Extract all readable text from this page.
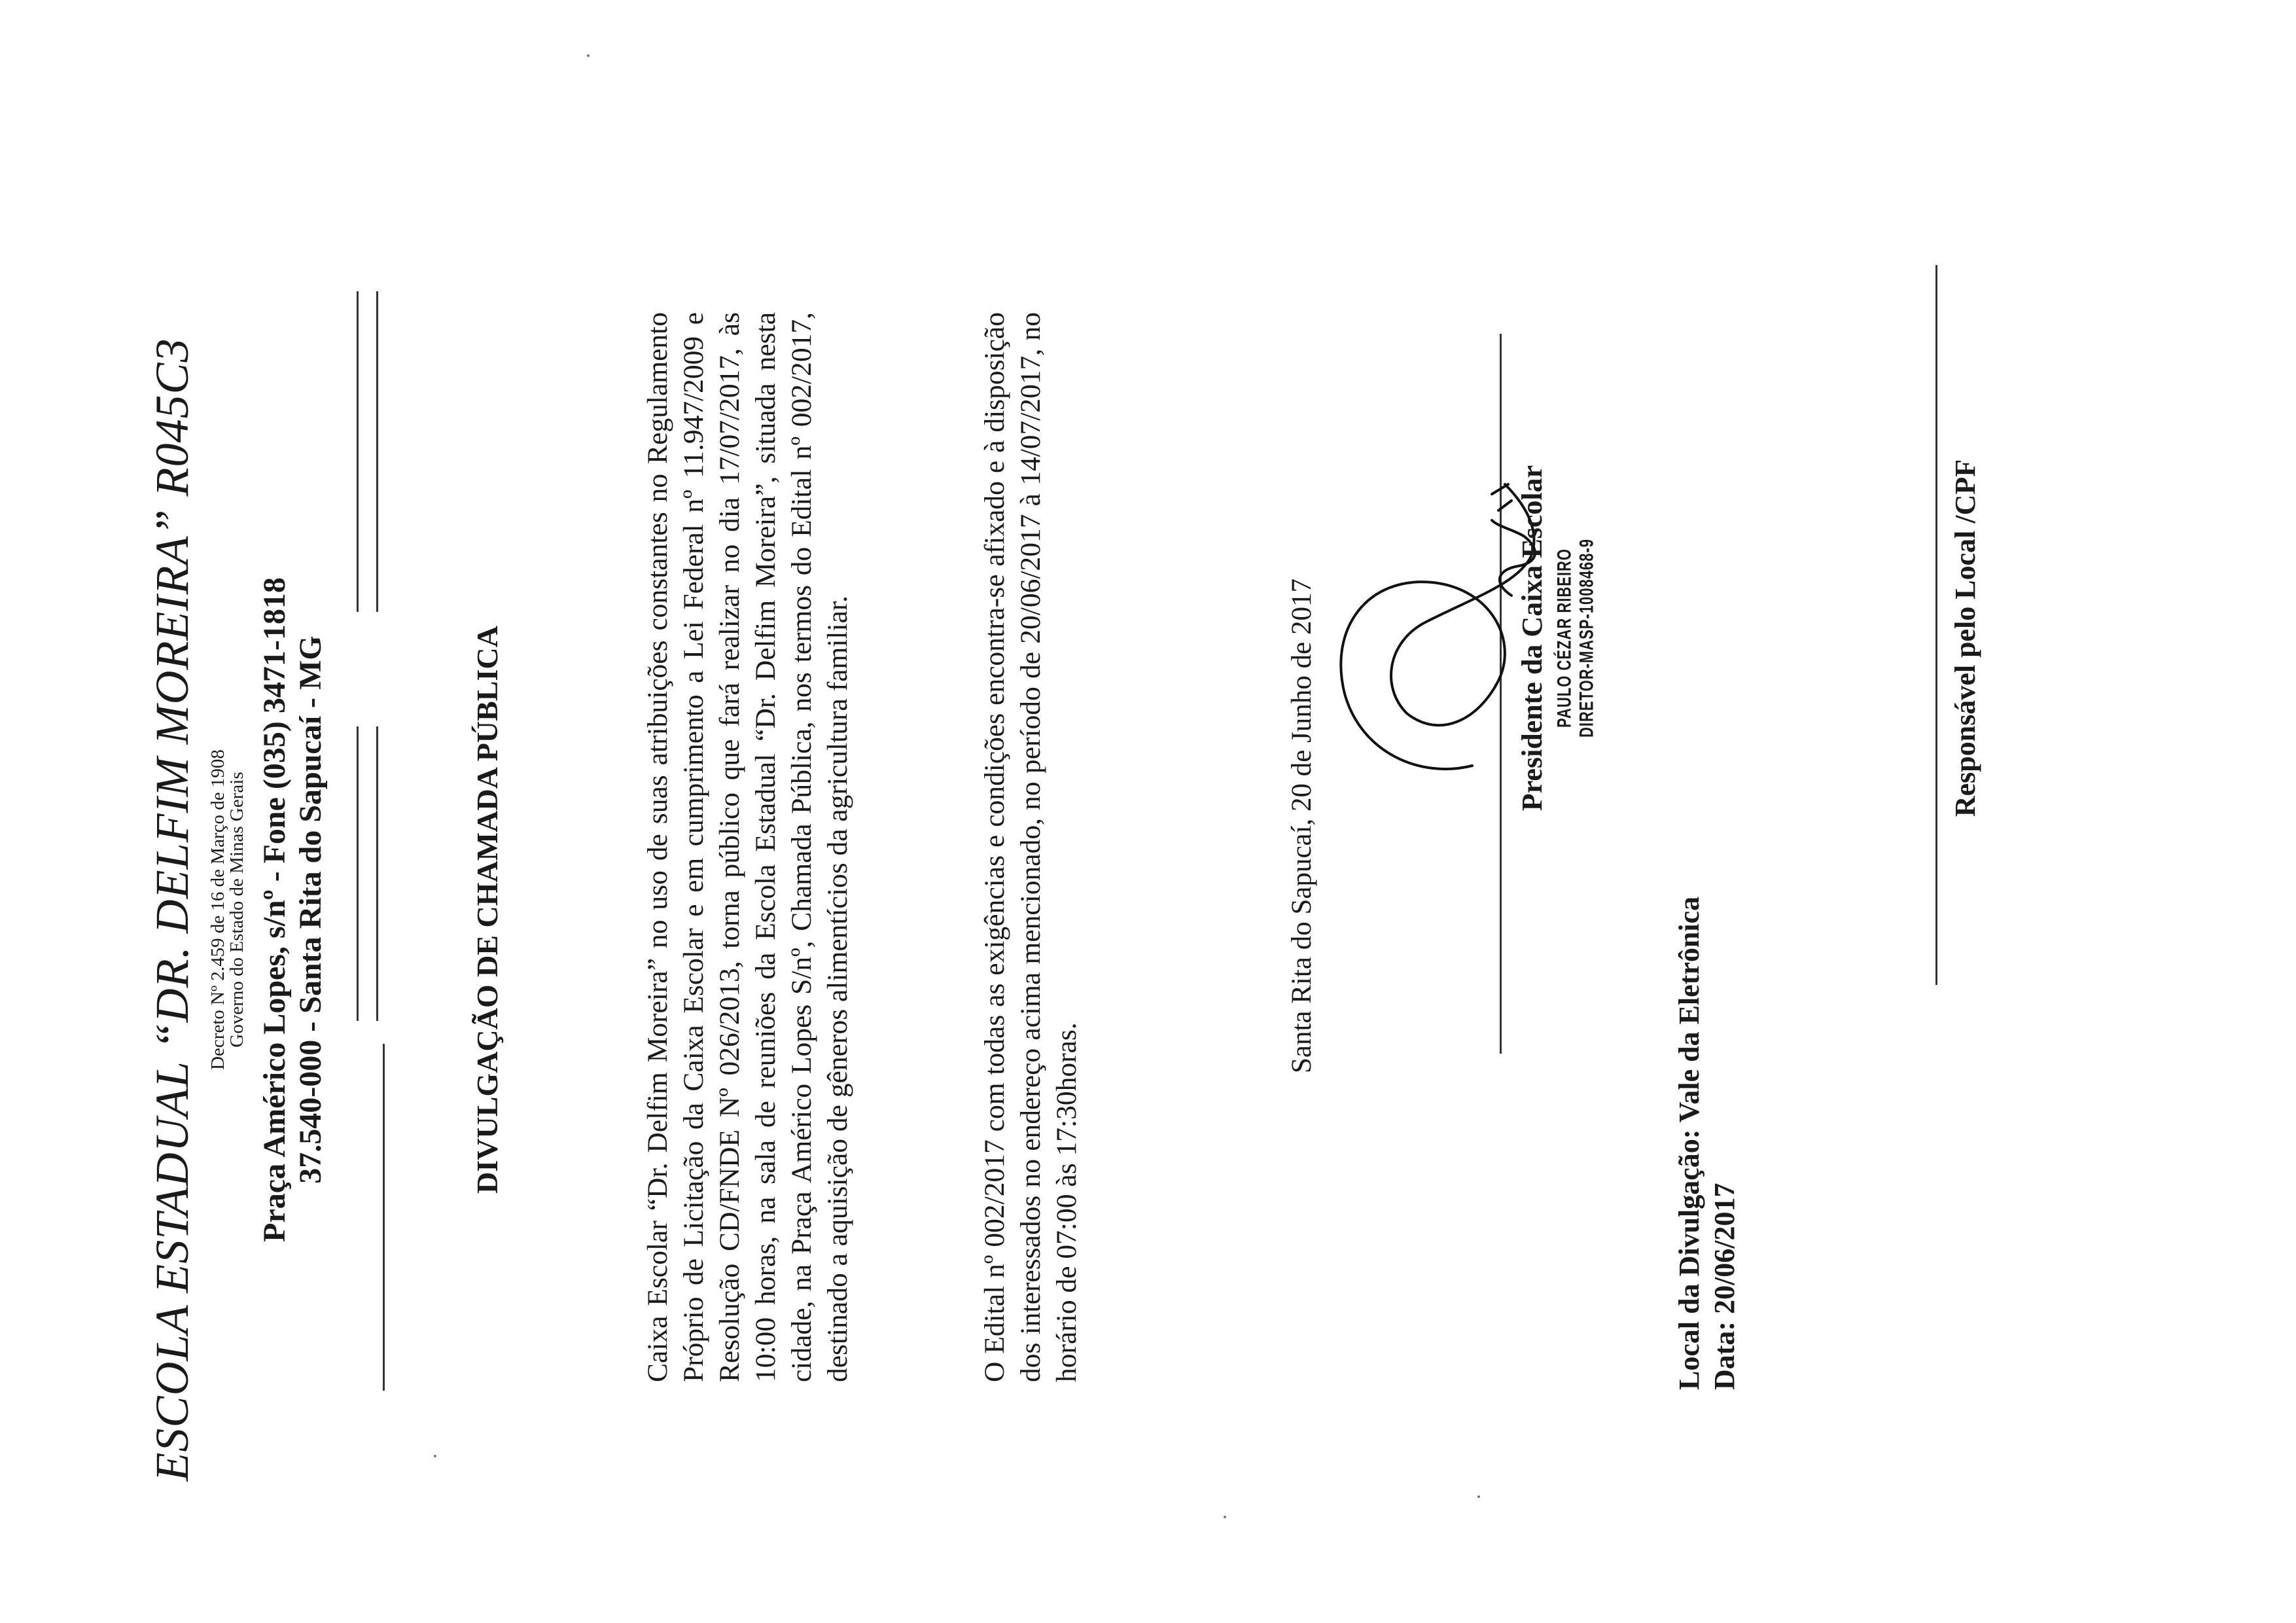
ESCOLA ESTADUAL “DR. DELFIM MOREIRA” R045C3 Decreto Nº 2.459 de 16 de Março de 1908
Governo do Estado de Minas Gerais Praça Américo Lopes, s/nº - Fone (035) 3471-1818 37.540-000 - Santa Rita do Sapucaí - MG	DIVULGAÇÃO DE CHAMADA PÚBLICA	Caixa Escolar “Dr. Delfim Moreira” no uso de suas atribuições constantes no Regulamento Próprio de Licitação da Caixa Escolar e em cumprimento a Lei Federal nº 11.947/2009 e Resolução CD/FNDE Nº 026/2013, torna público que fará realizar no dia 17/07/2017, às 10:00 horas, na sala de reuniões da Escola Estadual “Dr. Delfim Moreira”, situada nesta cidade, na Praça Américo Lopes S/nº, Chamada Pública, nos termos do Edital nº 002/2017, destinado a aquisição de gêneros alimentícios da agricultura familiar.	O Edital nº 002/2017 com todas as exigências e condições encontra-se afixado e à disposição dos interessados no endereço acima mencionado, no período de 20/06/2017 à 14/07/2017, no horário de 07:00 às 17:30horas.
Santa Rita do Sapucaí, 20 de Junho de 2017	Presidente da Caixa Escolar PAULO CÉZAR RIBEIRO DIRETOR-MASP-1008468-9
Local da Divulgação: Vale da Eletrônica Data: 20/06/2017
Responsável pelo Local /CPF
